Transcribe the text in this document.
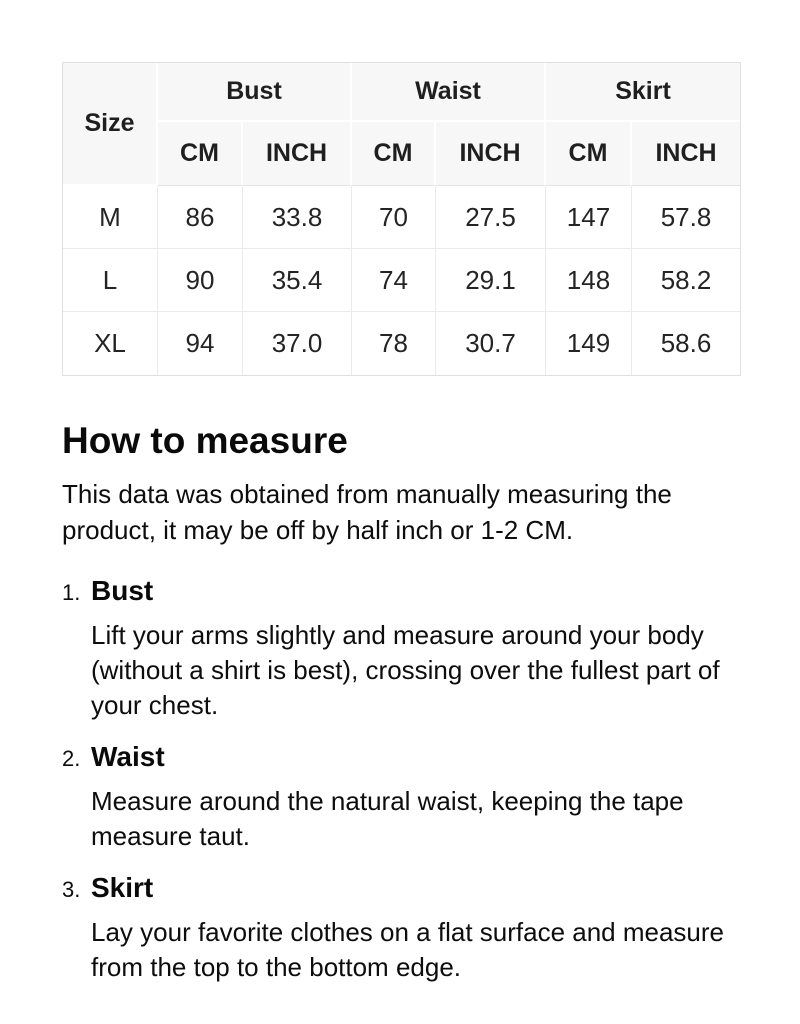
Size	Bust		Waist		Skirt	
	CM	INCH	CM	INCH	CM	INCH
M	86	33.8	70	27.5	147	57.8
L	90	35.4	74	29.1	148	58.2
XL	94	37.0	78	30.7	149	58.6
How to measure

This data was obtained from manually measuring the product, it may be off by half inch or 1-2 CM.

1. Bust

Lift your arms slightly and measure around your body (without a shirt is best), crossing over the fullest part of your chest.

2. Waist

Measure around the natural waist, keeping the tape measure taut.

3. Skirt

Lay your favorite clothes on a flat surface and measure from the top to the bottom edge.
